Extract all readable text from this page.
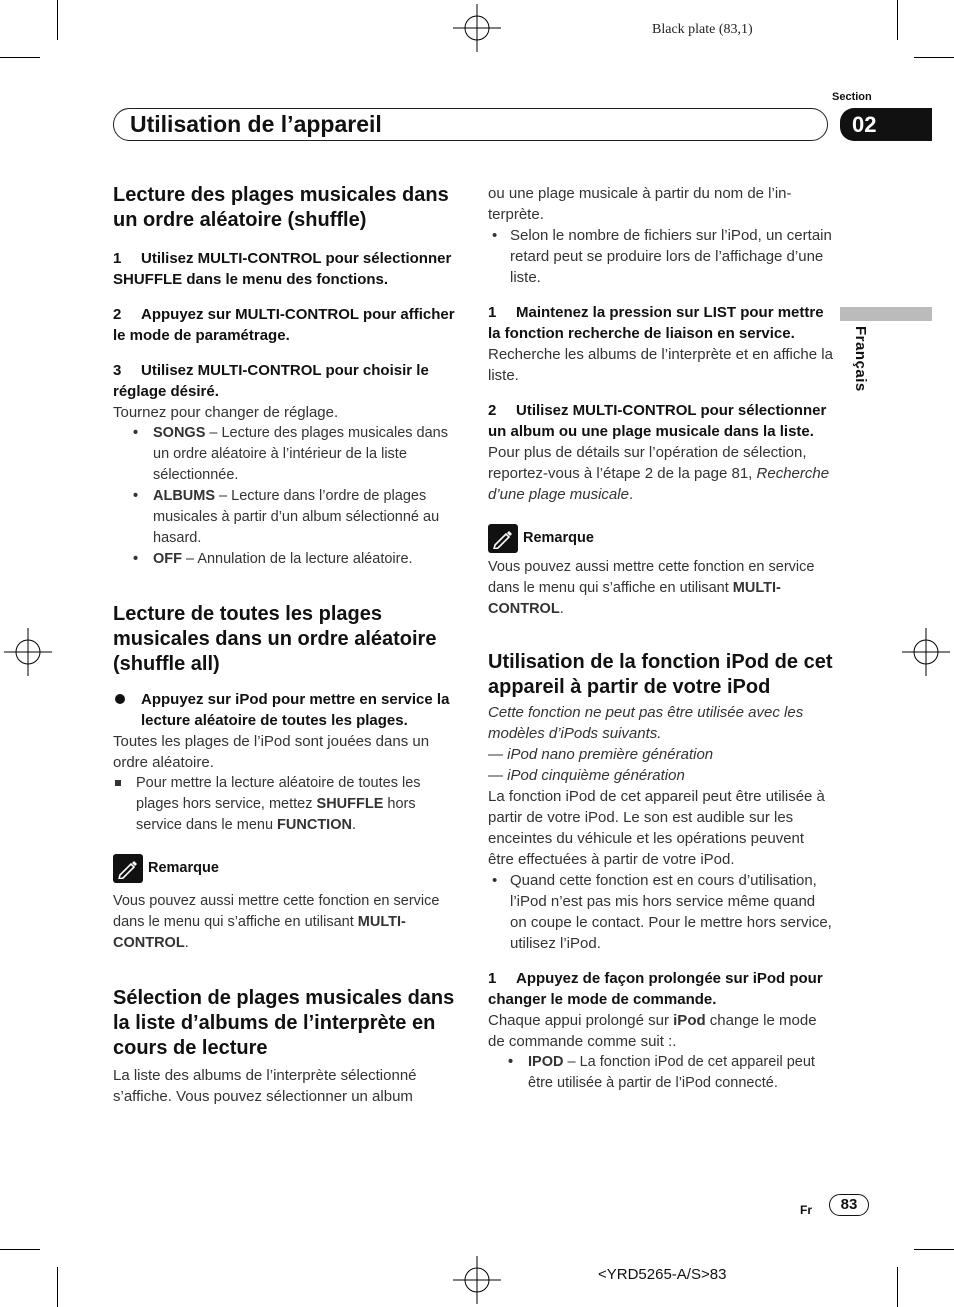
Black plate (83,1)
Utilisation de l’appareil
Section
02
Français

Lecture des plages musicales dans un ordre aléatoire (shuffle)

1 Utilisez MULTI-CONTROL pour sélectionner SHUFFLE dans le menu des fonctions.

2 Appuyez sur MULTI-CONTROL pour afficher le mode de paramétrage.

3 Utilisez MULTI-CONTROL pour choisir le réglage désiré.

Tournez pour changer de réglage.

• SONGS – Lecture des plages musicales dans un ordre aléatoire à l’intérieur de la liste sélectionnée.

• ALBUMS – Lecture dans l’ordre de plages musicales à partir d’un album sélectionné au hasard.

• OFF – Annulation de la lecture aléatoire.

Lecture de toutes les plages musicales dans un ordre aléatoire (shuffle all)

Appuyez sur iPod pour mettre en service la lecture aléatoire de toutes les plages.

Toutes les plages de l’iPod sont jouées dans un ordre aléatoire.

Pour mettre la lecture aléatoire de toutes les plages hors service, mettez SHUFFLE hors service dans le menu FUNCTION.

Remarque

Vous pouvez aussi mettre cette fonction en service dans le menu qui s’affiche en utilisant MULTI-CONTROL.

Sélection de plages musicales dans la liste d’albums de l’interprète en cours de lecture

La liste des albums de l’interprète sélectionné s’affiche. Vous pouvez sélectionner un album

ou une plage musicale à partir du nom de l’interprète.

• Selon le nombre de fichiers sur l’iPod, un certain retard peut se produire lors de l’affichage d’une liste.

1 Maintenez la pression sur LIST pour mettre la fonction recherche de liaison en service.

Recherche les albums de l’interprète et en affiche la liste.

2 Utilisez MULTI-CONTROL pour sélectionner un album ou une plage musicale dans la liste.

Pour plus de détails sur l’opération de sélection, reportez-vous à l’étape 2 de la page 81, Recherche d’une plage musicale.

Remarque

Vous pouvez aussi mettre cette fonction en service dans le menu qui s’affiche en utilisant MULTI-CONTROL.

Utilisation de la fonction iPod de cet appareil à partir de votre iPod

Cette fonction ne peut pas être utilisée avec les modèles d’iPods suivants.

— iPod nano première génération

— iPod cinquième génération

La fonction iPod de cet appareil peut être utilisée à partir de votre iPod. Le son est audible sur les enceintes du véhicule et les opérations peuvent être effectuées à partir de votre iPod.

• Quand cette fonction est en cours d’utilisation, l’iPod n’est pas mis hors service même quand on coupe le contact. Pour le mettre hors service, utilisez l’iPod.

1 Appuyez de façon prolongée sur iPod pour changer le mode de commande.

Chaque appui prolongé sur iPod change le mode de commande comme suit :.

• IPOD – La fonction iPod de cet appareil peut être utilisée à partir de l’iPod connecté.

Fr	83
<YRD5265-A/S>83
